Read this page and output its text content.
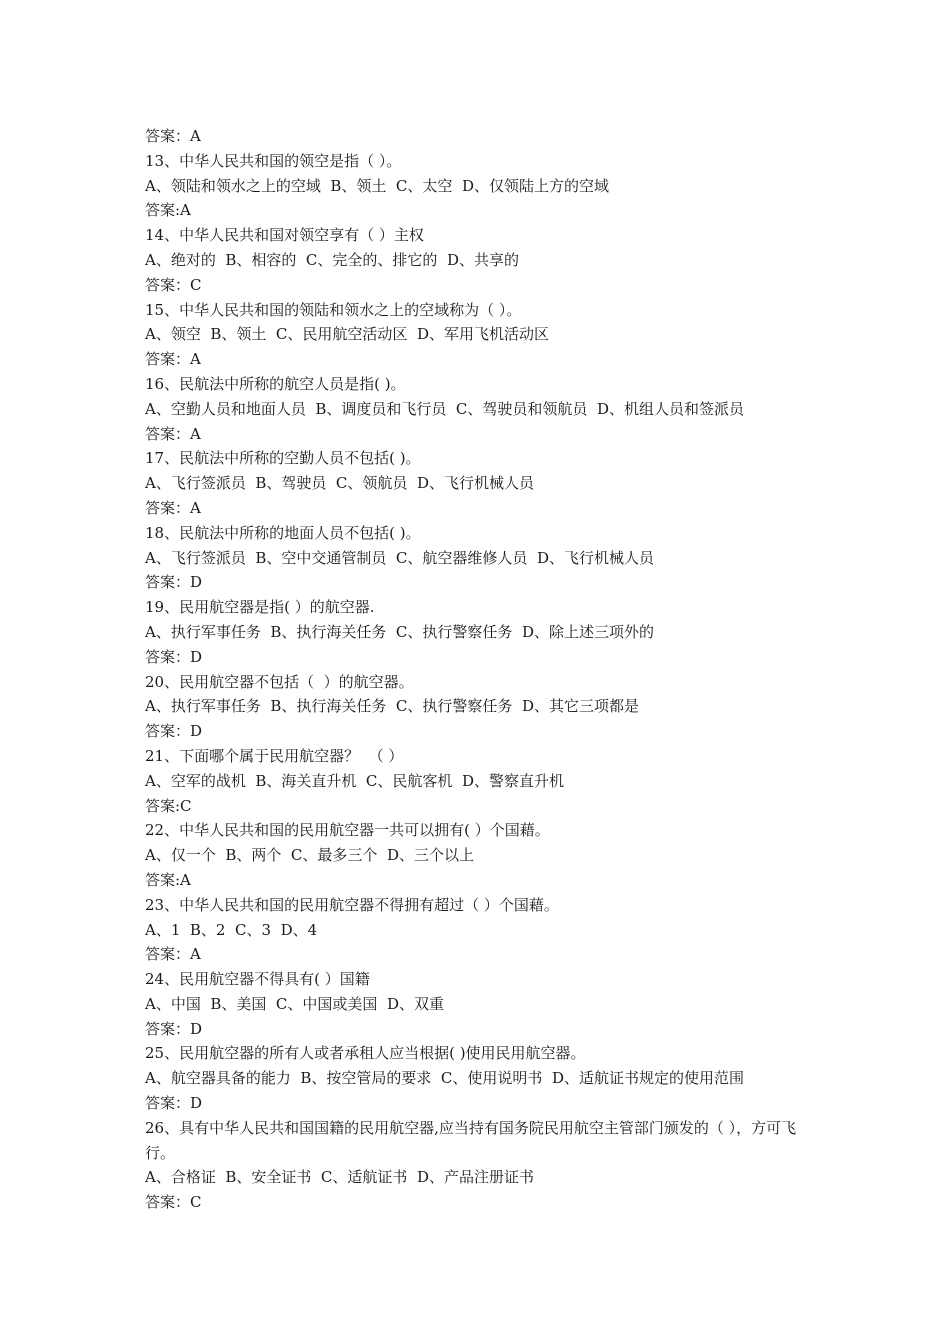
答案：A
13、中华人民共和国的领空是指（ ）。
A、领陆和领水之上的空域  B、领土  C、太空  D、仅领陆上方的空域
答案:A
14、中华人民共和国对领空享有（ ）主权
A、绝对的  B、相容的  C、完全的、排它的  D、共享的
答案：C
15、中华人民共和国的领陆和领水之上的空域称为（ ）。
A、领空  B、领土  C、民用航空活动区  D、军用飞机活动区
答案：A
16、民航法中所称的航空人员是指( )。
A、空勤人员和地面人员  B、调度员和飞行员  C、驾驶员和领航员  D、机组人员和签派员
答案：A
17、民航法中所称的空勤人员不包括( )。
A、飞行签派员  B、驾驶员  C、领航员  D、飞行机械人员
答案：A
18、民航法中所称的地面人员不包括( )。
A、飞行签派员  B、空中交通管制员  C、航空器维修人员  D、飞行机械人员
答案：D
19、民用航空器是指( ）的航空器.
A、执行军事任务  B、执行海关任务  C、执行警察任务  D、除上述三项外的
答案：D
20、民用航空器不包括（  ）的航空器。
A、执行军事任务  B、执行海关任务  C、执行警察任务  D、其它三项都是
答案：D
21、下面哪个属于民用航空器？  （ ）
A、空军的战机  B、海关直升机  C、民航客机  D、警察直升机
答案:C
22、中华人民共和国的民用航空器一共可以拥有( ）个国藉。
A、仅一个  B、两个  C、最多三个  D、三个以上
答案:A
23、中华人民共和国的民用航空器不得拥有超过（ ）个国藉。
A、1  B、2  C、3  D、4
答案：A
24、民用航空器不得具有( ）国籍
A、中国  B、美国  C、中国或美国  D、双重
答案：D
25、民用航空器的所有人或者承租人应当根据( )使用民用航空器。
A、航空器具备的能力  B、按空管局的要求  C、使用说明书  D、适航证书规定的使用范围
答案：D
26、具有中华人民共和国国籍的民用航空器,应当持有国务院民用航空主管部门颁发的（ ），方可飞行。
A、合格证  B、安全证书  C、适航证书  D、产品注册证书
答案：C
